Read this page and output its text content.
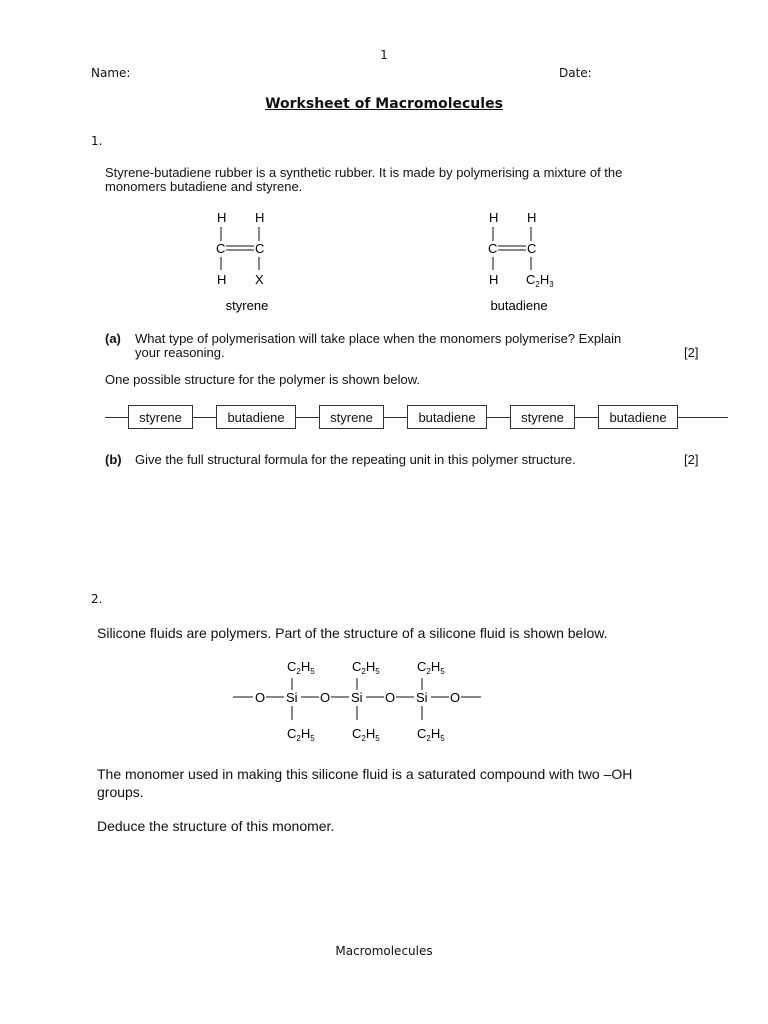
1
Name:	Date:
Worksheet of Macromolecules
1.
Styrene-butadiene rubber is a synthetic rubber. It is made by polymerising a mixture of the
monomers butadiene and styrene.
H H
C C
H X
styrene
H H
C C
H $C_2H_3$
butadiene
(a) What type of polymerisation will take place when the monomers polymerise? Explain
your reasoning.	[2]
One possible structure for the polymer is shown below.
styrene	butadiene	styrene	butadiene	styrene	butadiene
(b) Give the full structural formula for the repeating unit in this polymer structure.	[2]
2.
Silicone fluids are polymers. Part of the structure of a silicone fluid is shown below.
$C_2H_5$	$C_2H_5$	$C_2H_5$
O Si O Si O Si O
$C_2H_5$	$C_2H_5$	$C_2H_5$
The monomer used in making this silicone fluid is a saturated compound with two –OH
groups.
Deduce the structure of this monomer.
Macromolecules
